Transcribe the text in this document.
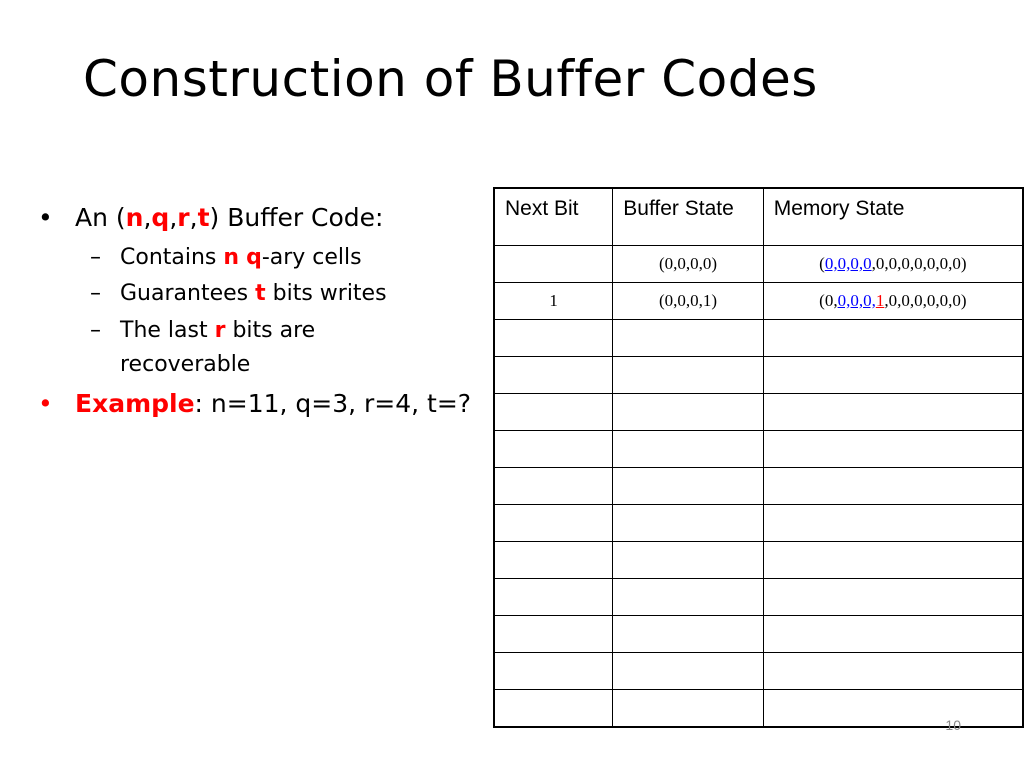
Construction of Buffer Codes
• An (n,q,r,t) Buffer Code:
– Contains n q-ary cells
– Guarantees t bits writes
– The last r bits are
recoverable
• Example: n=11, q=3, r=4, t=?
Next Bit	Buffer State	Memory State
	(0,0,0,0)	(0,0,0,0,0,0,0,0,0,0,0)
1	(0,0,0,1)	(0,0,0,0,1,0,0,0,0,0,0)

10
